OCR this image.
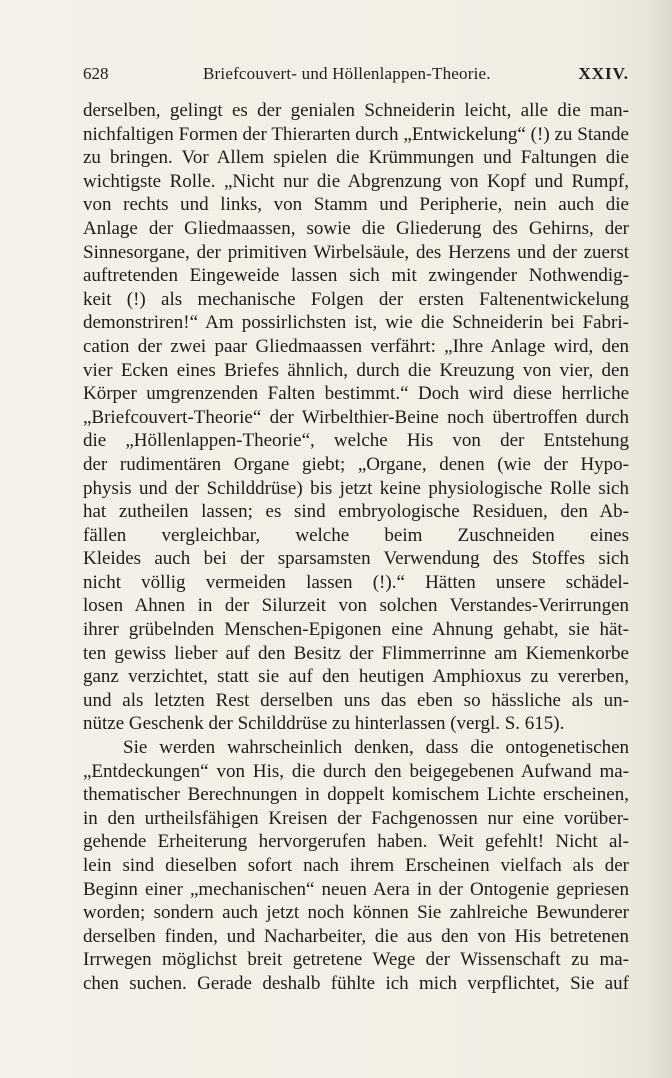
628	Briefcouvert- und Höllenlappen-Theorie.	XXIV.
derselben, gelingt es der genialen Schneiderin leicht, alle die man-
nichfaltigen Formen der Thierarten durch „Entwickelung“ (!) zu Stande
zu bringen. Vor Allem spielen die Krümmungen und Faltungen die
wichtigste Rolle. „Nicht nur die Abgrenzung von Kopf und Rumpf,
von rechts und links, von Stamm und Peripherie, nein auch die
Anlage der Gliedmaassen, sowie die Gliederung des Gehirns, der
Sinnesorgane, der primitiven Wirbelsäule, des Herzens und der zuerst
auftretenden Eingeweide lassen sich mit zwingender Nothwendig-
keit (!) als mechanische Folgen der ersten Faltenentwickelung
demonstriren!“ Am possirlichsten ist, wie die Schneiderin bei Fabri-
cation der zwei paar Gliedmaassen verfährt: „Ihre Anlage wird, den
vier Ecken eines Briefes ähnlich, durch die Kreuzung von vier, den
Körper umgrenzenden Falten bestimmt.“ Doch wird diese herrliche
„Briefcouvert-Theorie“ der Wirbelthier-Beine noch übertroffen durch
die „Höllenlappen-Theorie“, welche His von der Entstehung
der rudimentären Organe giebt; „Organe, denen (wie der Hypo-
physis und der Schilddrüse) bis jetzt keine physiologische Rolle sich
hat zutheilen lassen; es sind embryologische Residuen, den Ab-
fällen vergleichbar, welche beim Zuschneiden eines
Kleides auch bei der sparsamsten Verwendung des Stoffes sich
nicht völlig vermeiden lassen (!).“ Hätten unsere schädel-
losen Ahnen in der Silurzeit von solchen Verstandes-Verirrungen
ihrer grübelnden Menschen-Epigonen eine Ahnung gehabt, sie hät-
ten gewiss lieber auf den Besitz der Flimmerrinne am Kiemenkorbe
ganz verzichtet, statt sie auf den heutigen Amphioxus zu vererben,
und als letzten Rest derselben uns das eben so hässliche als un-
nütze Geschenk der Schilddrüse zu hinterlassen (vergl. S. 615).
Sie werden wahrscheinlich denken, dass die ontogenetischen
„Entdeckungen“ von His, die durch den beigegebenen Aufwand ma-
thematischer Berechnungen in doppelt komischem Lichte erscheinen,
in den urtheilsfähigen Kreisen der Fachgenossen nur eine vorüber-
gehende Erheiterung hervorgerufen haben. Weit gefehlt! Nicht al-
lein sind dieselben sofort nach ihrem Erscheinen vielfach als der
Beginn einer „mechanischen“ neuen Aera in der Ontogenie gepriesen
worden; sondern auch jetzt noch können Sie zahlreiche Bewunderer
derselben finden, und Nacharbeiter, die aus den von His betretenen
Irrwegen möglichst breit getretene Wege der Wissenschaft zu ma-
chen suchen. Gerade deshalb fühlte ich mich verpflichtet, Sie auf
